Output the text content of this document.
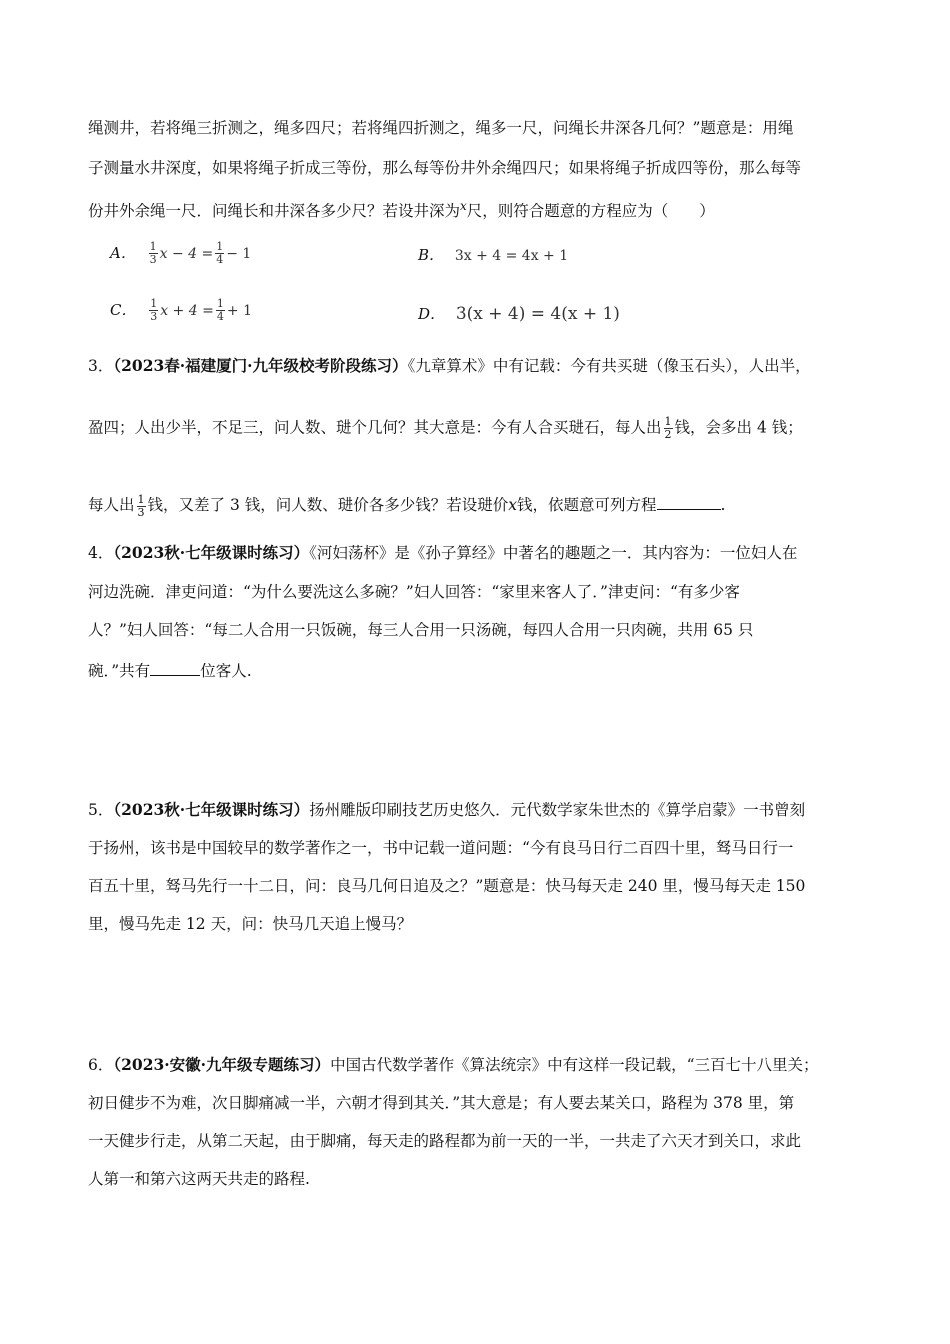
绳测井，若将绳三折测之，绳多四尺；若将绳四折测之，绳多一尺，问绳长井深各几何？”题意是：用绳
子测量水井深度，如果将绳子折成三等份，那么每等份井外余绳四尺；如果将绳子折成四等份，那么每等
份井外余绳一尺．问绳长和井深各多少尺？若设井深为$^x$尺，则符合题意的方程应为（　　）
A． $\frac{1}{3}$ $x - 4 = \frac{1}{4} - 1$	B． 3x + 4 = 4x + 1
C． $\frac{1}{3}$ $x + 4 = \frac{1}{4} + 1$	D． 3(x + 4) = 4(x + 1)
3．（2023春·福建厦门·九年级校考阶段练习）《九章算术》中有记载：今有共买琎（像玉石头），人出半，
盈四；人出少半，不足三，问人数、琎个几何？其大意是：今有人合买琎石，每人出 $\frac{1}{2}$ 钱，会多出 4 钱；
每人出 $\frac{1}{3}$ 钱，又差了 3 钱，问人数、琎价各多少钱？若设琎价x钱，依题意可列方程	.
4．（2023秋·七年级课时练习）《河妇荡杯》是《孙子算经》中著名的趣题之一．其内容为：一位妇人在
河边洗碗．津吏问道：“为什么要洗这么多碗？”妇人回答：“家里来客人了．”津吏问：“有多少客
人？”妇人回答：“每二人合用一只饭碗，每三人合用一只汤碗，每四人合用一只肉碗，共用 65 只
碗．”共有	位客人.
5．（2023秋·七年级课时练习）扬州雕版印刷技艺历史悠久．元代数学家朱世杰的《算学启蒙》一书曾刻
于扬州，该书是中国较早的数学著作之一，书中记载一道问题：“今有良马日行二百四十里，驽马日行一
百五十里，驽马先行一十二日，问：良马几何日追及之？”题意是：快马每天走 240 里，慢马每天走 150
里，慢马先走 12 天，问：快马几天追上慢马？
6．（2023·安徽·九年级专题练习）中国古代数学著作《算法统宗》中有这样一段记载，“三百七十八里关；
初日健步不为难，次日脚痛减一半，六朝才得到其关．”其大意是；有人要去某关口，路程为 378 里，第
一天健步行走，从第二天起，由于脚痛，每天走的路程都为前一天的一半，一共走了六天才到关口，求此
人第一和第六这两天共走的路程.
